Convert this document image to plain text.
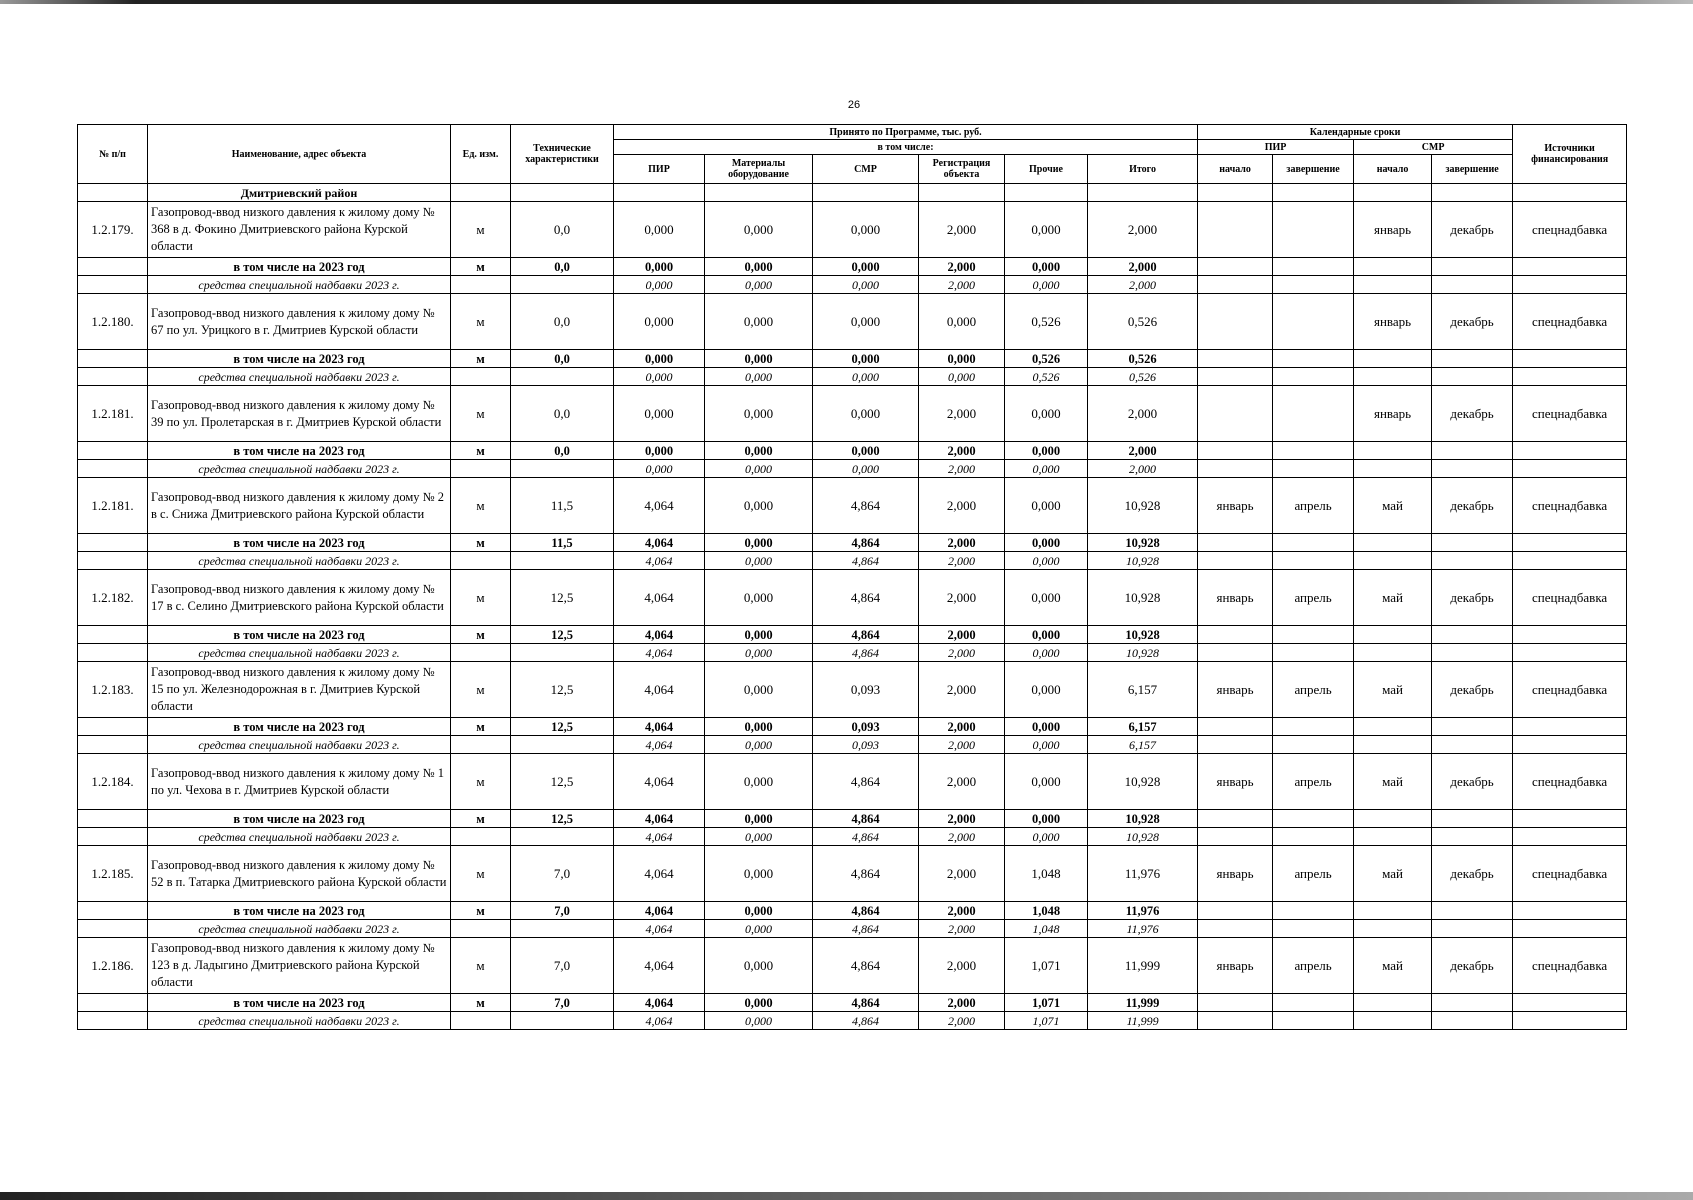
26
№ п/п	Наименование, адрес объекта	Ед. изм.	Технические характеристики	Принято по Программе, тыс. руб.						Календарные сроки				Источники финансирования
				в том числе:						ПИР		СМР		
				ПИР	Материалы оборудование	СМР	Регистрация объекта	Прочие	Итого	начало	завершение	начало	завершение	
	Дмитриевский район													
1.2.179.	Газопровод-ввод низкого давления к жилому дому № 368 в д. Фокино Дмитриевского района Курской области	м	0,0	0,000	0,000	0,000	2,000	0,000	2,000			январь	декабрь	спецнадбавка
	в том числе на 2023 год	м	0,0	0,000	0,000	0,000	2,000	0,000	2,000					
	средства специальной надбавки 2023 г.			0,000	0,000	0,000	2,000	0,000	2,000					
1.2.180.	Газопровод-ввод низкого давления к жилому дому № 67 по ул. Урицкого в г. Дмитриев Курской области	м	0,0	0,000	0,000	0,000	0,000	0,526	0,526			январь	декабрь	спецнадбавка
	в том числе на 2023 год	м	0,0	0,000	0,000	0,000	0,000	0,526	0,526					
	средства специальной надбавки 2023 г.			0,000	0,000	0,000	0,000	0,526	0,526					
1.2.181.	Газопровод-ввод низкого давления к жилому дому № 39 по ул. Пролетарская в г. Дмитриев Курской области	м	0,0	0,000	0,000	0,000	2,000	0,000	2,000			январь	декабрь	спецнадбавка
	в том числе на 2023 год	м	0,0	0,000	0,000	0,000	2,000	0,000	2,000					
	средства специальной надбавки 2023 г.			0,000	0,000	0,000	2,000	0,000	2,000					
1.2.181.	Газопровод-ввод низкого давления к жилому дому № 2 в с. Снижа Дмитриевского района Курской области	м	11,5	4,064	0,000	4,864	2,000	0,000	10,928	январь	апрель	май	декабрь	спецнадбавка
	в том числе на 2023 год	м	11,5	4,064	0,000	4,864	2,000	0,000	10,928					
	средства специальной надбавки 2023 г.			4,064	0,000	4,864	2,000	0,000	10,928					
1.2.182.	Газопровод-ввод низкого давления к жилому дому № 17 в с. Селино Дмитриевского района Курской области	м	12,5	4,064	0,000	4,864	2,000	0,000	10,928	январь	апрель	май	декабрь	спецнадбавка
	в том числе на 2023 год	м	12,5	4,064	0,000	4,864	2,000	0,000	10,928					
	средства специальной надбавки 2023 г.			4,064	0,000	4,864	2,000	0,000	10,928					
1.2.183.	Газопровод-ввод низкого давления к жилому дому № 15 по ул. Железнодорожная в г. Дмитриев Курской области	м	12,5	4,064	0,000	0,093	2,000	0,000	6,157	январь	апрель	май	декабрь	спецнадбавка
	в том числе на 2023 год	м	12,5	4,064	0,000	0,093	2,000	0,000	6,157					
	средства специальной надбавки 2023 г.			4,064	0,000	0,093	2,000	0,000	6,157					
1.2.184.	Газопровод-ввод низкого давления к жилому дому № 1 по ул. Чехова в г. Дмитриев Курской области	м	12,5	4,064	0,000	4,864	2,000	0,000	10,928	январь	апрель	май	декабрь	спецнадбавка
	в том числе на 2023 год	м	12,5	4,064	0,000	4,864	2,000	0,000	10,928					
	средства специальной надбавки 2023 г.			4,064	0,000	4,864	2,000	0,000	10,928					
1.2.185.	Газопровод-ввод низкого давления к жилому дому № 52 в п. Татарка Дмитриевского района Курской области	м	7,0	4,064	0,000	4,864	2,000	1,048	11,976	январь	апрель	май	декабрь	спецнадбавка
	в том числе на 2023 год	м	7,0	4,064	0,000	4,864	2,000	1,048	11,976					
	средства специальной надбавки 2023 г.			4,064	0,000	4,864	2,000	1,048	11,976					
1.2.186.	Газопровод-ввод низкого давления к жилому дому № 123 в д. Ладыгино Дмитриевского района Курской области	м	7,0	4,064	0,000	4,864	2,000	1,071	11,999	январь	апрель	май	декабрь	спецнадбавка
	в том числе на 2023 год	м	7,0	4,064	0,000	4,864	2,000	1,071	11,999					
	средства специальной надбавки 2023 г.			4,064	0,000	4,864	2,000	1,071	11,999					
